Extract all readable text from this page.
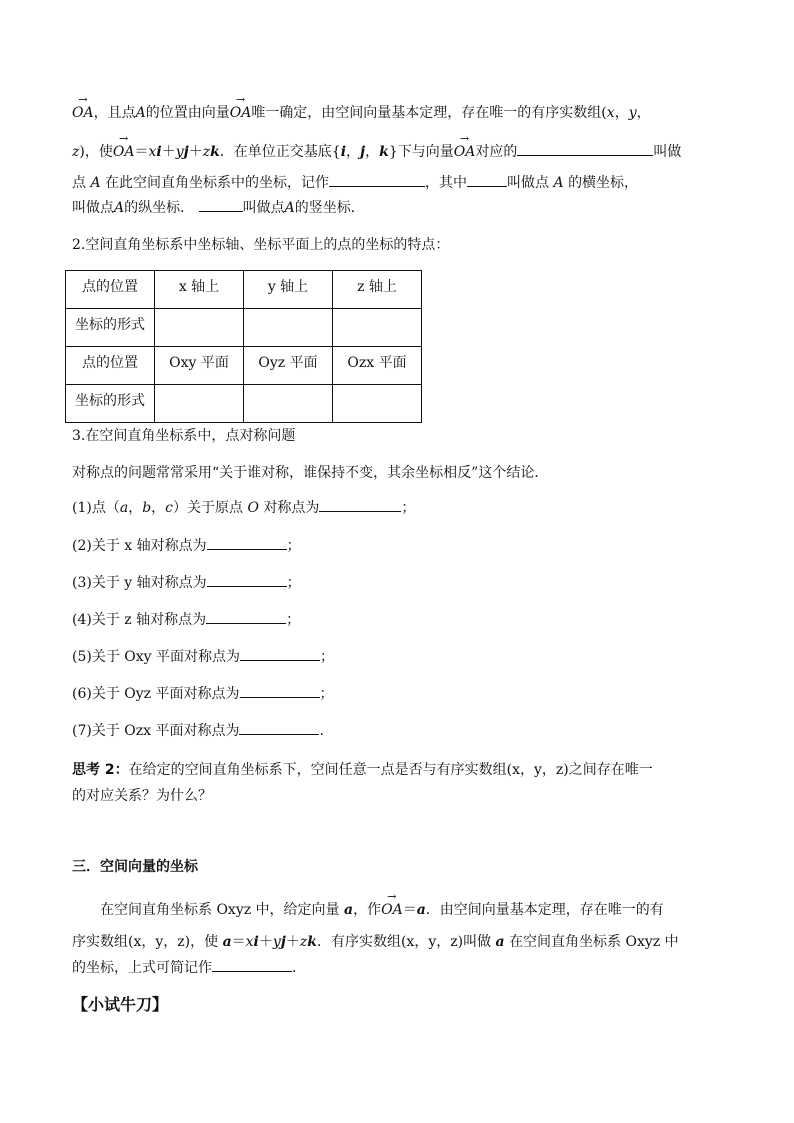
→ OA，且点A的位置由向量→ OA唯一确定，由空间向量基本定理，存在唯一的有序实数组(x，y，
z)，使→ OA＝xi＋yj＋zk．在单位正交基底{i，j，k}下与向量→ OA对应的	叫做
点 A 在此空间直角坐标系中的坐标，记作	，其中	叫做点 A 的横坐标，
叫做点A的纵坐标．	叫做点A的竖坐标．
2.空间直角坐标系中坐标轴、坐标平面上的点的坐标的特点：
点的位置	x 轴上	y 轴上	z 轴上

坐标的形式			

点的位置	Oxy 平面	Oyz 平面	Ozx 平面

坐标的形式			

3.在空间直角坐标系中，点对称问题
对称点的问题常常采用“关于谁对称，谁保持不变，其余坐标相反”这个结论．
(1)点（a，b，c）关于原点 O 对称点为	；
(2)关于 x 轴对称点为	；
(3)关于 y 轴对称点为	；
(4)关于 z 轴对称点为	；
(5)关于 Oxy 平面对称点为	；
(6)关于 Oyz 平面对称点为	；
(7)关于 Ozx 平面对称点为	.
思考 2：在给定的空间直角坐标系下，空间任意一点是否与有序实数组(x，y，z)之间存在唯一
的对应关系？为什么？
三．空间向量的坐标
在空间直角坐标系 Oxyz 中，给定向量 a，作→ OA＝a．由空间向量基本定理，存在唯一的有
序实数组(x，y，z)，使 a＝xi＋yj＋zk．有序实数组(x，y，z)叫做 a 在空间直角坐标系 Oxyz 中
的坐标，上式可简记作	.
【小试牛刀】
